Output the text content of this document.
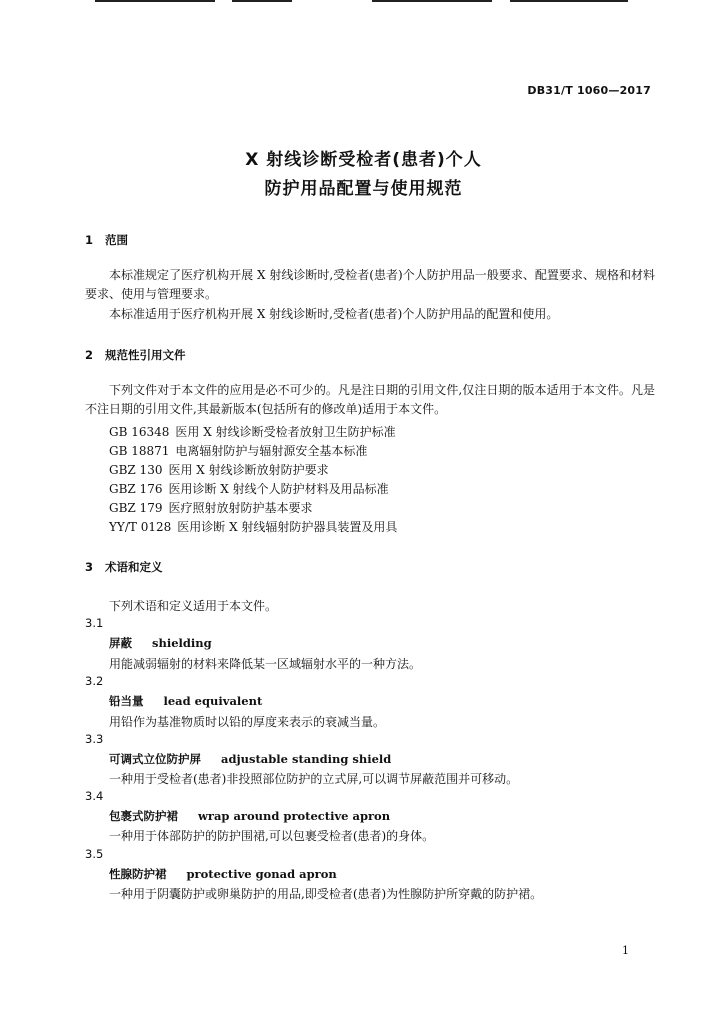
DB31/T 1060—2017
X 射线诊断受检者(患者)个人
防护用品配置与使用规范
1 范围

本标准规定了医疗机构开展 X 射线诊断时,受检者(患者)个人防护用品一般要求、配置要求、规格和材料要求、使用与管理要求。

本标准适用于医疗机构开展 X 射线诊断时,受检者(患者)个人防护用品的配置和使用。

2 规范性引用文件

下列文件对于本文件的应用是必不可少的。凡是注日期的引用文件,仅注日期的版本适用于本文件。凡是不注日期的引用文件,其最新版本(包括所有的修改单)适用于本文件。

GB 16348 医用 X 射线诊断受检者放射卫生防护标准
GB 18871 电离辐射防护与辐射源安全基本标准
GBZ 130 医用 X 射线诊断放射防护要求
GBZ 176 医用诊断 X 射线个人防护材料及用品标准
GBZ 179 医疗照射放射防护基本要求
YY/T 0128 医用诊断 X 射线辐射防护器具装置及用具
3 术语和定义
下列术语和定义适用于本文件。
3.1
屏蔽 shielding
用能减弱辐射的材料来降低某一区域辐射水平的一种方法。
3.2
铅当量 lead equivalent
用铅作为基准物质时以铅的厚度来表示的衰减当量。
3.3
可调式立位防护屏 adjustable standing shield
一种用于受检者(患者)非投照部位防护的立式屏,可以调节屏蔽范围并可移动。
3.4
包裹式防护裙 wrap around protective apron
一种用于体部防护的防护围裙,可以包裹受检者(患者)的身体。
3.5
性腺防护裙 protective gonad apron
一种用于阴囊防护或卵巢防护的用品,即受检者(患者)为性腺防护所穿戴的防护裙。
1
